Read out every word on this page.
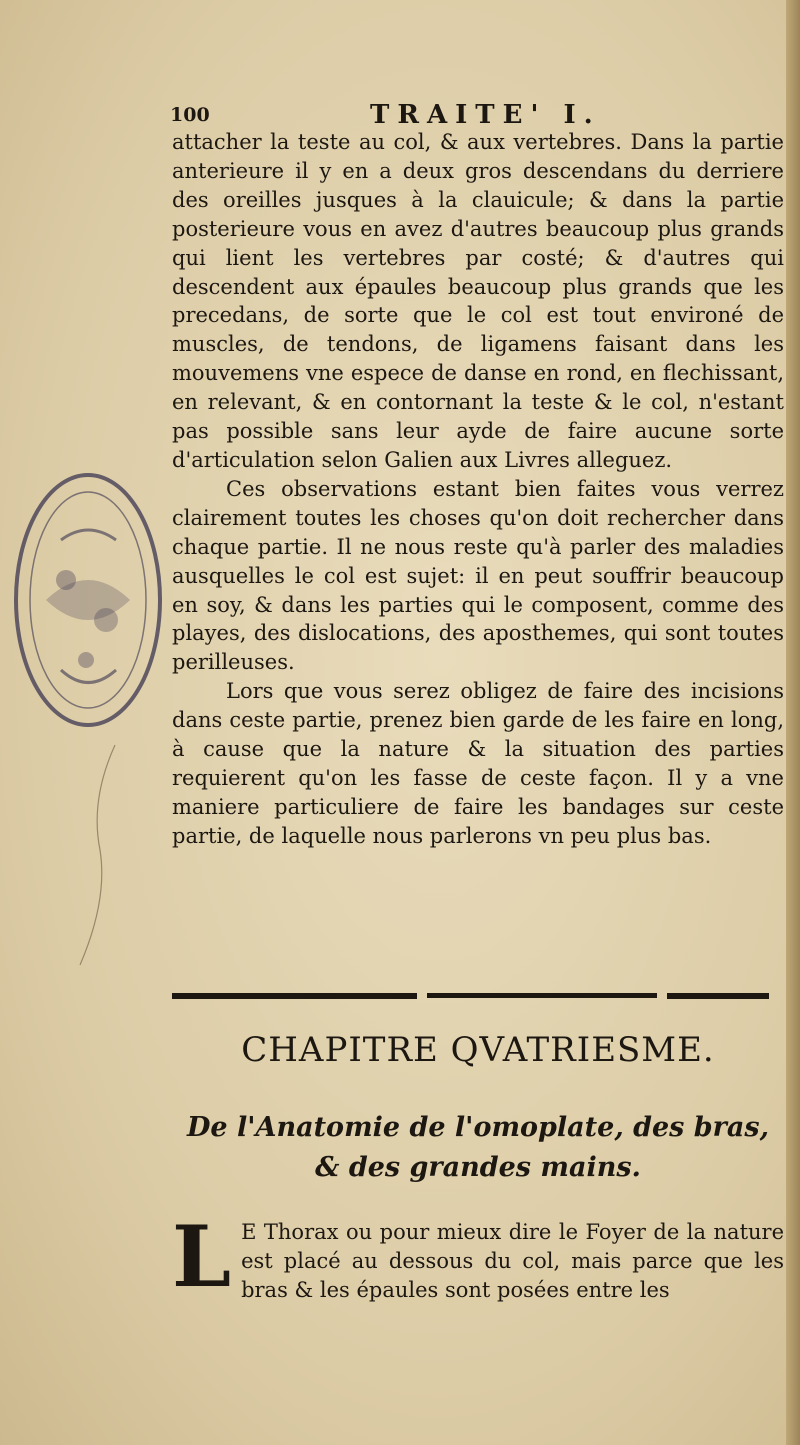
100	TRAITE' I.

attacher la teste au col, & aux vertebres. Dans la partie anterieure il y en a deux gros descendans du derriere des oreilles jusques à la clauicule; & dans la partie posterieure vous en avez d'autres beaucoup plus grands qui lient les vertebres par costé; & d'autres qui descendent aux épaules beaucoup plus grands que les precedans, de sorte que le col est tout environé de muscles, de tendons, de ligamens faisant dans les mouvemens vne espece de danse en rond, en flechissant, en relevant, & en contornant la teste & le col, n'estant pas possible sans leur ayde de faire aucune sorte d'articulation selon Galien aux Livres alleguez.

Ces observations estant bien faites vous verrez clairement toutes les choses qu'on doit rechercher dans chaque partie. Il ne nous reste qu'à parler des maladies ausquelles le col est sujet: il en peut souffrir beaucoup en soy, & dans les parties qui le composent, comme des playes, des dislocations, des aposthemes, qui sont toutes perilleuses.

Lors que vous serez obligez de faire des incisions dans ceste partie, prenez bien garde de les faire en long, à cause que la nature & la situation des parties requierent qu'on les fasse de ceste façon. Il y a vne maniere particuliere de faire les bandages sur ceste partie, de laquelle nous parlerons vn peu plus bas.

CHAPITRE QVATRIESME.
De l'Anatomie de l'omoplate, des bras,
& des grandes mains.
L E Thorax ou pour mieux dire le Foyer de la nature est placé au dessous du col, mais parce que les bras & les épaules sont posées entre les
